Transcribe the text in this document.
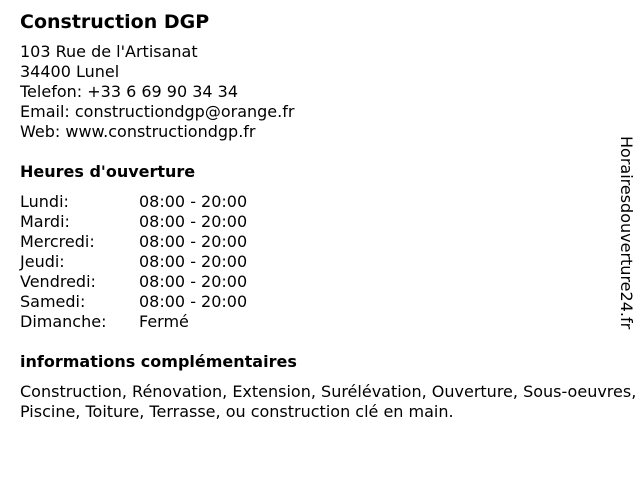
Construction DGP
103 Rue de l'Artisanat
34400 Lunel
Telefon: +33 6 69 90 34 34
Email: constructiondgp@orange.fr
Web: www.constructiondgp.fr
Heures d'ouverture
Lundi:	08:00 - 20:00
Mardi:	08:00 - 20:00
Mercredi:	08:00 - 20:00
Jeudi:	08:00 - 20:00
Vendredi:	08:00 - 20:00
Samedi:	08:00 - 20:00
Dimanche:	Fermé
informations complémentaires
Construction, Rénovation, Extension, Surélévation, Ouverture, Sous-oeuvres, Piscine, Toiture, Terrasse, ou construction clé en main.
Horairesdouverture24.fr
